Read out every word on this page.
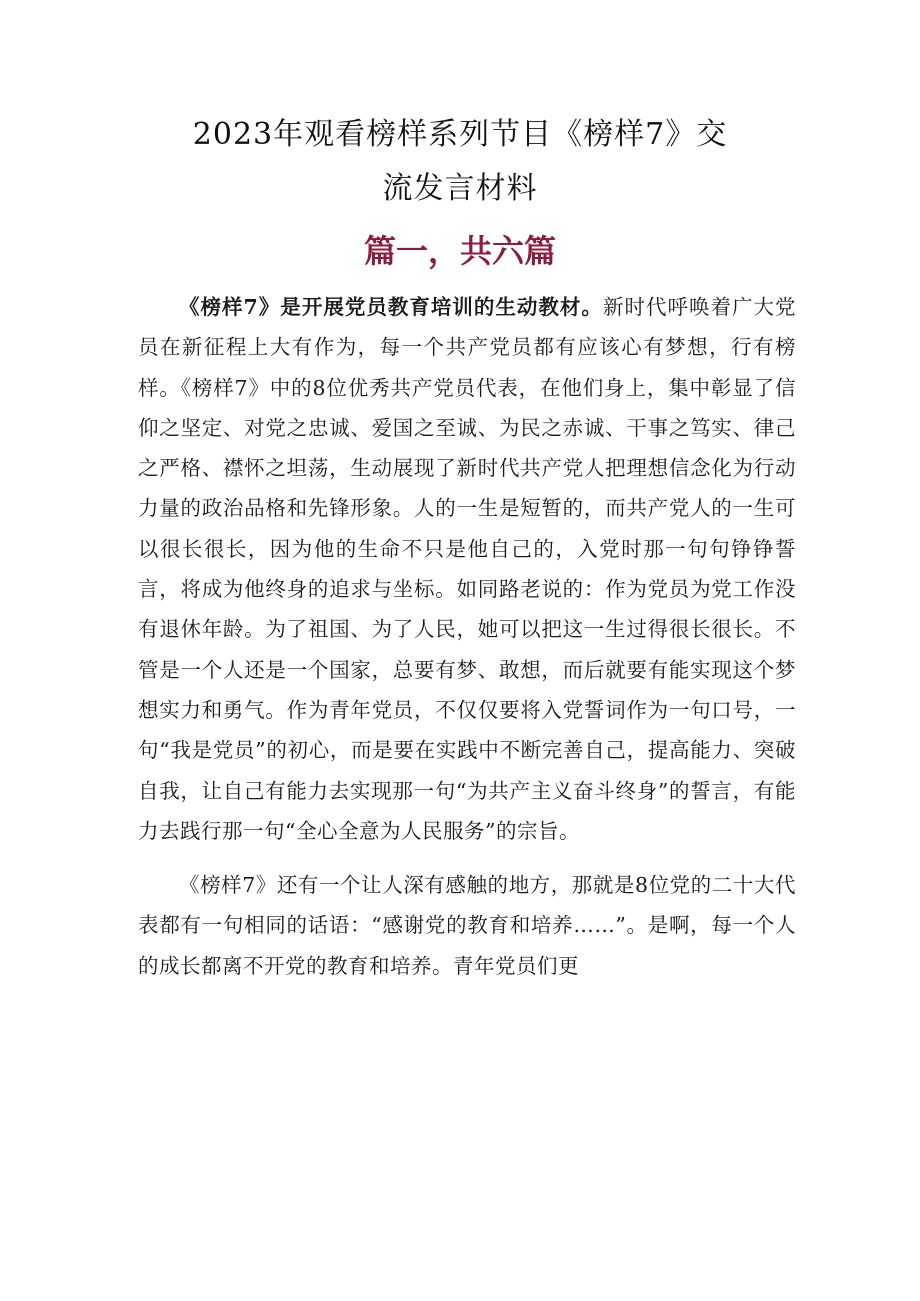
2023年观看榜样系列节目《榜样7》交
流发言材料
篇一，共六篇

《榜样7》是开展党员教育培训的生动教材。新时代呼唤着广大党员在新征程上大有作为，每一个共产党员都有应该心有梦想，行有榜样。《榜样7》中的8位优秀共产党员代表，在他们身上，集中彰显了信仰之坚定、对党之忠诚、爱国之至诚、为民之赤诚、干事之笃实、律己之严格、襟怀之坦荡，生动展现了新时代共产党人把理想信念化为行动力量的政治品格和先锋形象。人的一生是短暂的，而共产党人的一生可以很长很长，因为他的生命不只是他自己的，入党时那一句句铮铮誓言，将成为他终身的追求与坐标。如同路老说的：作为党员为党工作没有退休年龄。为了祖国、为了人民，她可以把这一生过得很长很长。不管是一个人还是一个国家，总要有梦、敢想，而后就要有能实现这个梦想实力和勇气。作为青年党员，不仅仅要将入党誓词作为一句口号，一句“我是党员”的初心，而是要在实践中不断完善自己，提高能力、突破自我，让自己有能力去实现那一句“为共产主义奋斗终身”的誓言，有能力去践行那一句“全心全意为人民服务”的宗旨。

《榜样7》还有一个让人深有感触的地方，那就是8位党的二十大代表都有一句相同的话语：“感谢党的教育和培养……”。是啊，每一个人的成长都离不开党的教育和培养。青年党员们更
